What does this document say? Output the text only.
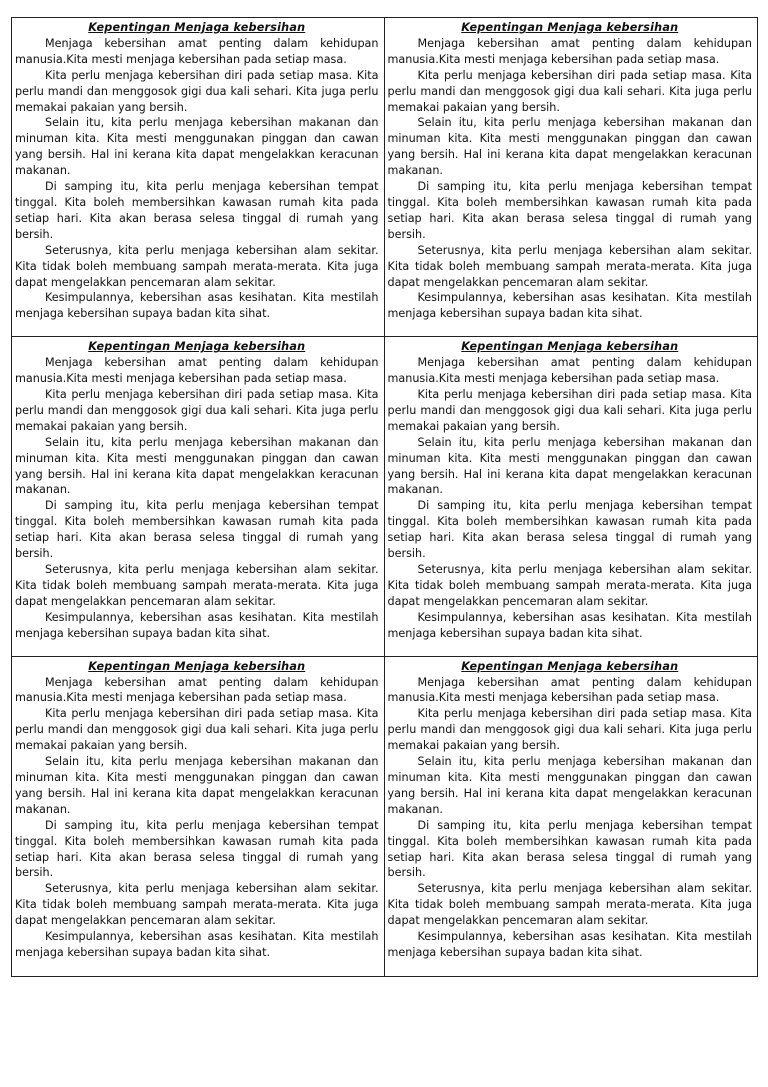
Kepentingan Menjaga kebersihan

Menjaga kebersihan amat penting dalam kehidupan manusia.Kita mesti menjaga kebersihan pada setiap masa.

Kita perlu menjaga kebersihan diri pada setiap masa. Kita perlu mandi dan menggosok gigi dua kali sehari. Kita juga perlu memakai pakaian yang bersih.

Selain itu, kita perlu menjaga kebersihan makanan dan minuman kita. Kita mesti menggunakan pinggan dan cawan yang bersih. Hal ini kerana kita dapat mengelakkan keracunan makanan.

Di samping itu, kita perlu menjaga kebersihan tempat tinggal. Kita boleh membersihkan kawasan rumah kita pada setiap hari. Kita akan berasa selesa tinggal di rumah yang bersih.

Seterusnya, kita perlu menjaga kebersihan alam sekitar. Kita tidak boleh membuang sampah merata-merata. Kita juga dapat mengelakkan pencemaran alam sekitar.

Kesimpulannya, kebersihan asas kesihatan. Kita mestilah menjaga kebersihan supaya badan kita sihat.

Kepentingan Menjaga kebersihan

Menjaga kebersihan amat penting dalam kehidupan manusia.Kita mesti menjaga kebersihan pada setiap masa.

Kita perlu menjaga kebersihan diri pada setiap masa. Kita perlu mandi dan menggosok gigi dua kali sehari. Kita juga perlu memakai pakaian yang bersih.

Selain itu, kita perlu menjaga kebersihan makanan dan minuman kita. Kita mesti menggunakan pinggan dan cawan yang bersih. Hal ini kerana kita dapat mengelakkan keracunan makanan.

Di samping itu, kita perlu menjaga kebersihan tempat tinggal. Kita boleh membersihkan kawasan rumah kita pada setiap hari. Kita akan berasa selesa tinggal di rumah yang bersih.

Seterusnya, kita perlu menjaga kebersihan alam sekitar. Kita tidak boleh membuang sampah merata-merata. Kita juga dapat mengelakkan pencemaran alam sekitar.

Kesimpulannya, kebersihan asas kesihatan. Kita mestilah menjaga kebersihan supaya badan kita sihat.

Kepentingan Menjaga kebersihan

Menjaga kebersihan amat penting dalam kehidupan manusia.Kita mesti menjaga kebersihan pada setiap masa.

Kita perlu menjaga kebersihan diri pada setiap masa. Kita perlu mandi dan menggosok gigi dua kali sehari. Kita juga perlu memakai pakaian yang bersih.

Selain itu, kita perlu menjaga kebersihan makanan dan minuman kita. Kita mesti menggunakan pinggan dan cawan yang bersih. Hal ini kerana kita dapat mengelakkan keracunan makanan.

Di samping itu, kita perlu menjaga kebersihan tempat tinggal. Kita boleh membersihkan kawasan rumah kita pada setiap hari. Kita akan berasa selesa tinggal di rumah yang bersih.

Seterusnya, kita perlu menjaga kebersihan alam sekitar. Kita tidak boleh membuang sampah merata-merata. Kita juga dapat mengelakkan pencemaran alam sekitar.

Kesimpulannya, kebersihan asas kesihatan. Kita mestilah menjaga kebersihan supaya badan kita sihat.

Kepentingan Menjaga kebersihan

Menjaga kebersihan amat penting dalam kehidupan manusia.Kita mesti menjaga kebersihan pada setiap masa.

Kita perlu menjaga kebersihan diri pada setiap masa. Kita perlu mandi dan menggosok gigi dua kali sehari. Kita juga perlu memakai pakaian yang bersih.

Selain itu, kita perlu menjaga kebersihan makanan dan minuman kita. Kita mesti menggunakan pinggan dan cawan yang bersih. Hal ini kerana kita dapat mengelakkan keracunan makanan.

Di samping itu, kita perlu menjaga kebersihan tempat tinggal. Kita boleh membersihkan kawasan rumah kita pada setiap hari. Kita akan berasa selesa tinggal di rumah yang bersih.

Seterusnya, kita perlu menjaga kebersihan alam sekitar. Kita tidak boleh membuang sampah merata-merata. Kita juga dapat mengelakkan pencemaran alam sekitar.

Kesimpulannya, kebersihan asas kesihatan. Kita mestilah menjaga kebersihan supaya badan kita sihat.

Kepentingan Menjaga kebersihan

Menjaga kebersihan amat penting dalam kehidupan manusia.Kita mesti menjaga kebersihan pada setiap masa.

Kita perlu menjaga kebersihan diri pada setiap masa. Kita perlu mandi dan menggosok gigi dua kali sehari. Kita juga perlu memakai pakaian yang bersih.

Selain itu, kita perlu menjaga kebersihan makanan dan minuman kita. Kita mesti menggunakan pinggan dan cawan yang bersih. Hal ini kerana kita dapat mengelakkan keracunan makanan.

Di samping itu, kita perlu menjaga kebersihan tempat tinggal. Kita boleh membersihkan kawasan rumah kita pada setiap hari. Kita akan berasa selesa tinggal di rumah yang bersih.

Seterusnya, kita perlu menjaga kebersihan alam sekitar. Kita tidak boleh membuang sampah merata-merata. Kita juga dapat mengelakkan pencemaran alam sekitar.

Kesimpulannya, kebersihan asas kesihatan. Kita mestilah menjaga kebersihan supaya badan kita sihat.

Kepentingan Menjaga kebersihan

Menjaga kebersihan amat penting dalam kehidupan manusia.Kita mesti menjaga kebersihan pada setiap masa.

Kita perlu menjaga kebersihan diri pada setiap masa. Kita perlu mandi dan menggosok gigi dua kali sehari. Kita juga perlu memakai pakaian yang bersih.

Selain itu, kita perlu menjaga kebersihan makanan dan minuman kita. Kita mesti menggunakan pinggan dan cawan yang bersih. Hal ini kerana kita dapat mengelakkan keracunan makanan.

Di samping itu, kita perlu menjaga kebersihan tempat tinggal. Kita boleh membersihkan kawasan rumah kita pada setiap hari. Kita akan berasa selesa tinggal di rumah yang bersih.

Seterusnya, kita perlu menjaga kebersihan alam sekitar. Kita tidak boleh membuang sampah merata-merata. Kita juga dapat mengelakkan pencemaran alam sekitar.

Kesimpulannya, kebersihan asas kesihatan. Kita mestilah menjaga kebersihan supaya badan kita sihat.
